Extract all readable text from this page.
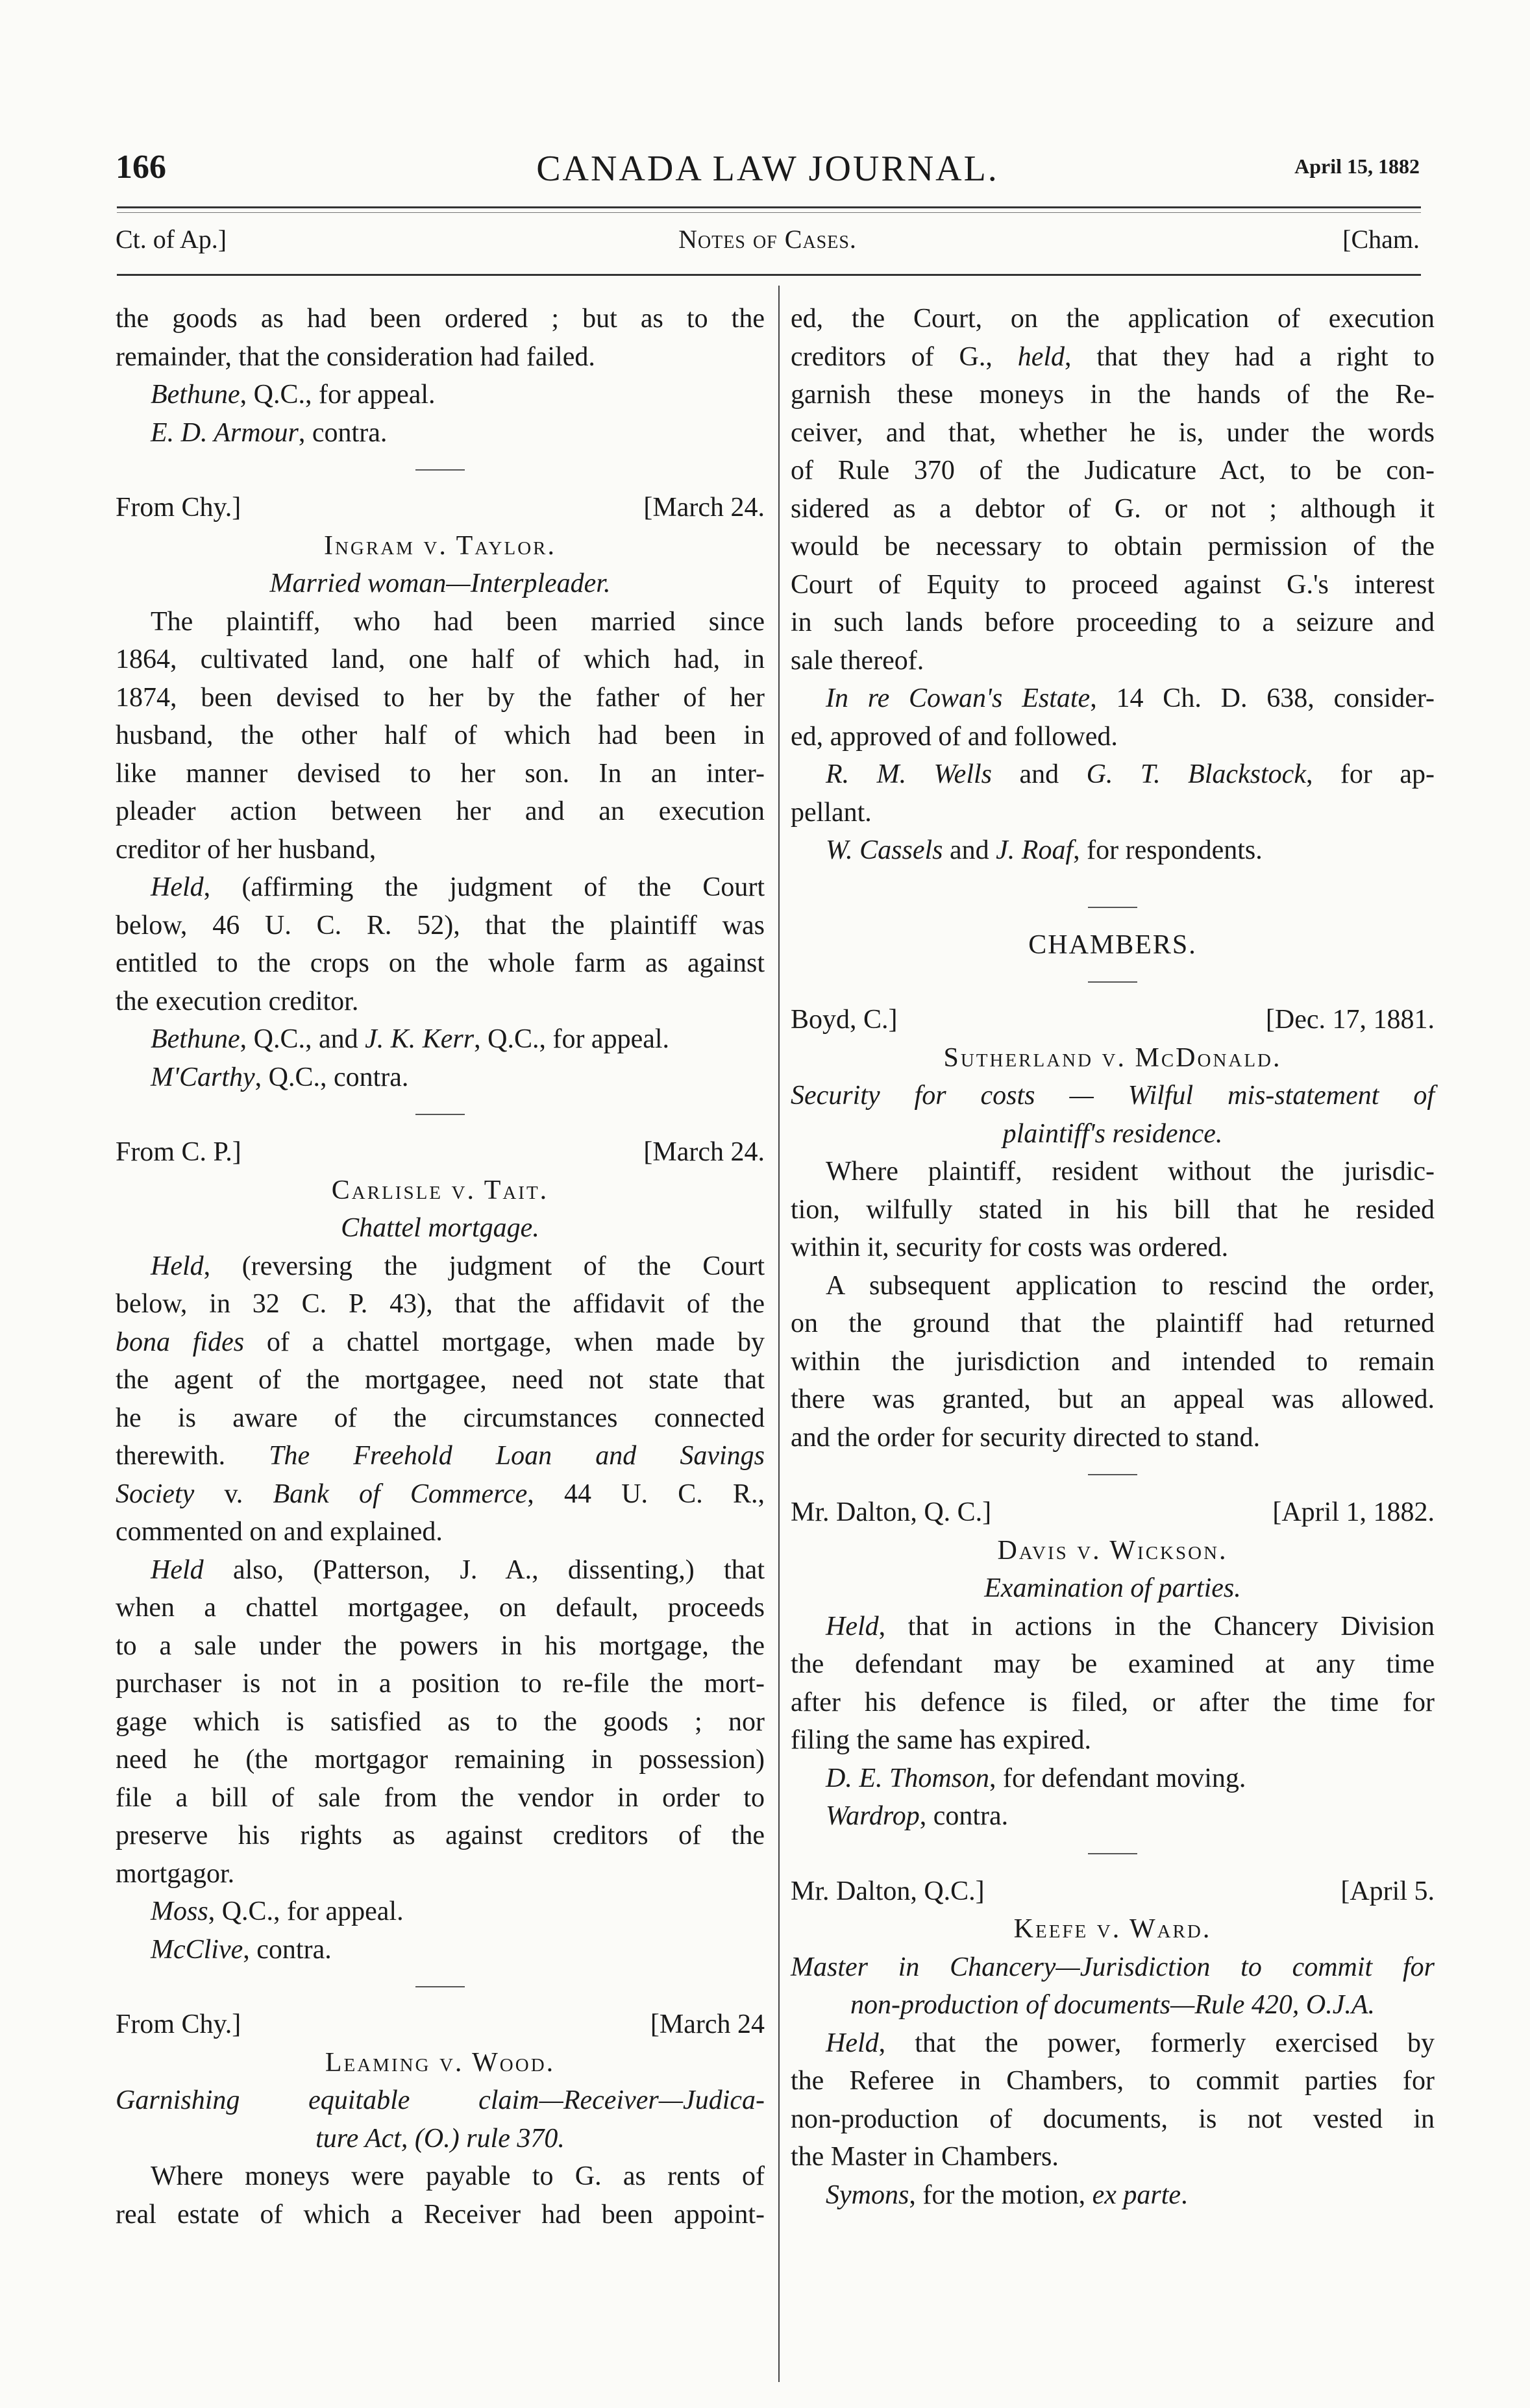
166	CANADA LAW JOURNAL.	April 15, 1882
Ct. of Ap.]	Notes of Cases.	[Cham.

the goods as had been ordered ; but as to the

remainder, that the consideration had failed.

Bethune, Q.C., for appeal.

E. D. Armour, contra.

From Chy.]	[March 24.

Ingram v. Taylor.

Married woman—Interpleader.

The plaintiff, who had been married since

1864, cultivated land, one half of which had, in

1874, been devised to her by the father of her

husband, the other half of which had been in

like manner devised to her son. In an inter-

pleader action between her and an execution

creditor of her husband,

Held, (affirming the judgment of the Court

below, 46 U. C. R. 52), that the plaintiff was

entitled to the crops on the whole farm as against

the execution creditor.

Bethune, Q.C., and J. K. Kerr, Q.C., for appeal.

M'Carthy, Q.C., contra.

From C. P.]	[March 24.

Carlisle v. Tait.

Chattel mortgage.

Held, (reversing the judgment of the Court

below, in 32 C. P. 43), that the affidavit of the

bona fides of a chattel mortgage, when made by

the agent of the mortgagee, need not state that

he is aware of the circumstances connected

therewith. The Freehold Loan and Savings

Society v. Bank of Commerce, 44 U. C. R.,

commented on and explained.

Held also, (Patterson, J. A., dissenting,) that

when a chattel mortgagee, on default, proceeds

to a sale under the powers in his mortgage, the

purchaser is not in a position to re-file the mort-

gage which is satisfied as to the goods ; nor

need he (the mortgagor remaining in possession)

file a bill of sale from the vendor in order to

preserve his rights as against creditors of the

mortgagor.

Moss, Q.C., for appeal.

McClive, contra.

From Chy.]	[March 24

Leaming v. Wood.

Garnishing equitable claim—Receiver—Judica-

ture Act, (O.) rule 370.

Where moneys were payable to G. as rents of

real estate of which a Receiver had been appoint-

ed, the Court, on the application of execution

creditors of G., held, that they had a right to

garnish these moneys in the hands of the Re-

ceiver, and that, whether he is, under the words

of Rule 370 of the Judicature Act, to be con-

sidered as a debtor of G. or not ; although it

would be necessary to obtain permission of the

Court of Equity to proceed against G.'s interest

in such lands before proceeding to a seizure and

sale thereof.

In re Cowan's Estate, 14 Ch. D. 638, consider-

ed, approved of and followed.

R. M. Wells and G. T. Blackstock, for ap-

pellant.

W. Cassels and J. Roaf, for respondents.

CHAMBERS.

Boyd, C.]	[Dec. 17, 1881.

Sutherland v. McDonald.

Security for costs — Wilful mis-statement of

plaintiff's residence.

Where plaintiff, resident without the jurisdic-

tion, wilfully stated in his bill that he resided

within it, security for costs was ordered.

A subsequent application to rescind the order,

on the ground that the plaintiff had returned

within the jurisdiction and intended to remain

there was granted, but an appeal was allowed.

and the order for security directed to stand.

Mr. Dalton, Q. C.]	[April 1, 1882.

Davis v. Wickson.

Examination of parties.

Held, that in actions in the Chancery Division

the defendant may be examined at any time

after his defence is filed, or after the time for

filing the same has expired.

D. E. Thomson, for defendant moving.

Wardrop, contra.

Mr. Dalton, Q.C.]	[April 5.

Keefe v. Ward.

Master in Chancery—Jurisdiction to commit for

non-production of documents—Rule 420, O.J.A.

Held, that the power, formerly exercised by

the Referee in Chambers, to commit parties for

non-production of documents, is not vested in

the Master in Chambers.

Symons, for the motion, ex parte.
